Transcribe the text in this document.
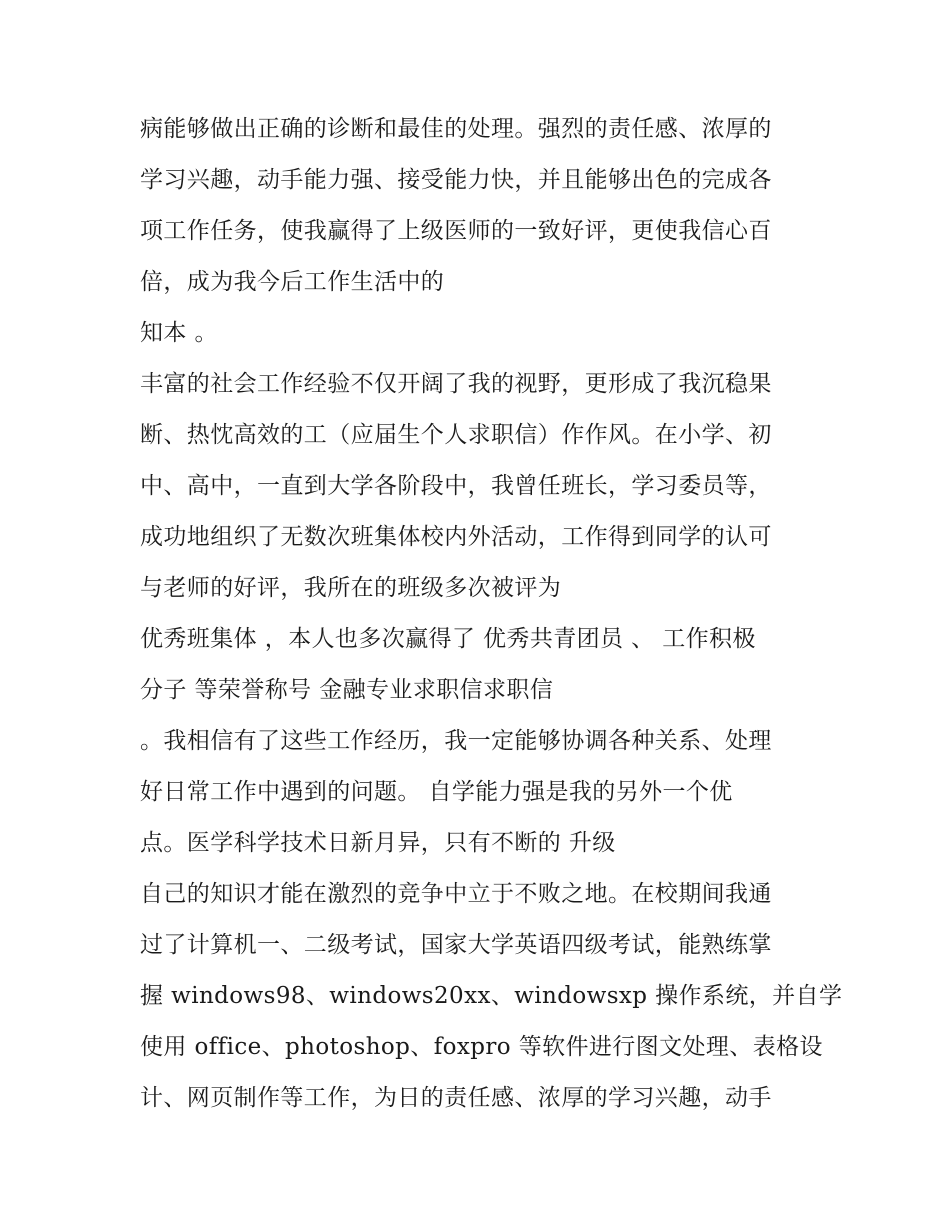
病能够做出正确的诊断和最佳的处理。强烈的责任感、浓厚的
学习兴趣，动手能力强、接受能力快，并且能够出色的完成各
项工作任务，使我赢得了上级医师的一致好评，更使我信心百
倍，成为我今后工作生活中的
知本 。
丰富的社会工作经验不仅开阔了我的视野，更形成了我沉稳果
断、热忱高效的工（应届生个人求职信）作作风。在小学、初
中、高中，一直到大学各阶段中，我曾任班长，学习委员等，
成功地组织了无数次班集体校内外活动，工作得到同学的认可
与老师的好评，我所在的班级多次被评为
优秀班集体 ，本人也多次赢得了 优秀共青团员 、 工作积极
分子 等荣誉称号 金融专业求职信求职信
。我相信有了这些工作经历，我一定能够协调各种关系、处理
好日常工作中遇到的问题。 自学能力强是我的另外一个优
点。医学科学技术日新月异，只有不断的 升级
自己的知识才能在激烈的竞争中立于不败之地。在校期间我通
过了计算机一、二级考试，国家大学英语四级考试，能熟练掌
握 windows98、windows20xx、windowsxp 操作系统，并自学
使用 office、photoshop、foxpro 等软件进行图文处理、表格设
计、网页制作等工作，为日的责任感、浓厚的学习兴趣，动手
